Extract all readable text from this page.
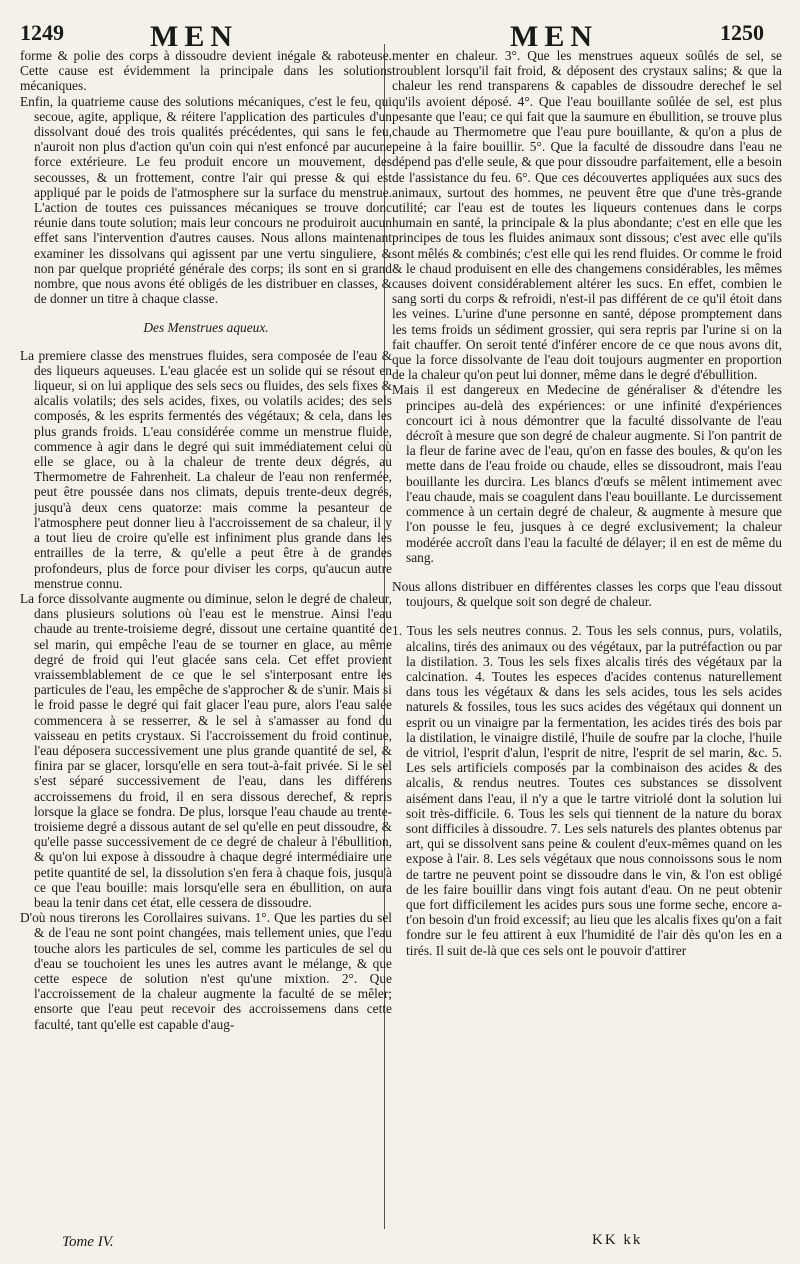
1249	MEN	MEN	1250

forme & polie des corps à dissoudre devient inégale & raboteuse. Cette cause est évidemment la principale dans les solutions mécaniques.

Enfin, la quatrieme cause des solutions mécaniques, c'est le feu, qui secoue, agite, applique, & réitere l'application des particules d'un dissolvant doué des trois qualités précédentes, qui sans le feu, n'auroit non plus d'action qu'un coin qui n'est enfoncé par aucune force extérieure. Le feu produit encore un mouvement, des secousses, & un frottement, contre l'air qui presse & qui est appliqué par le poids de l'atmosphere sur la surface du menstrue. L'action de toutes ces puissances mécaniques se trouve donc réunie dans toute solution; mais leur concours ne produiroit aucun effet sans l'intervention d'autres causes. Nous allons maintenant examiner les dissolvans qui agissent par une vertu singuliere, & non par quelque propriété générale des corps; ils sont en si grand nombre, que nous avons été obligés de les distribuer en classes, & de donner un titre à chaque classe.

Des Menstrues aqueux.

La premiere classe des menstrues fluides, sera composée de l'eau & des liqueurs aqueuses. L'eau glacée est un solide qui se résout en liqueur, si on lui applique des sels secs ou fluides, des sels fixes & alcalis volatils; des sels acides, fixes, ou volatils acides; des sels composés, & les esprits fermentés des végétaux; & cela, dans les plus grands froids. L'eau considérée comme un menstrue fluide, commence à agir dans le degré qui suit immédiatement celui où elle se glace, ou à la chaleur de trente deux dégrés, au Thermometre de Fahrenheit. La chaleur de l'eau non renfermée, peut être poussée dans nos climats, depuis trente-deux degrés, jusqu'à deux cens quatorze: mais comme la pesanteur de l'atmosphere peut donner lieu à l'accroissement de sa chaleur, il y a tout lieu de croire qu'elle est infiniment plus grande dans les entrailles de la terre, & qu'elle a peut être à de grandes profondeurs, plus de force pour diviser les corps, qu'aucun autre menstrue connu.

La force dissolvante augmente ou diminue, selon le degré de chaleur, dans plusieurs solutions où l'eau est le menstrue. Ainsi l'eau chaude au trente-troisieme degré, dissout une certaine quantité de sel marin, qui empêche l'eau de se tourner en glace, au même degré de froid qui l'eut glacée sans cela. Cet effet provient vraissemblablement de ce que le sel s'interposant entre les particules de l'eau, les empêche de s'approcher & de s'unir. Mais si le froid passe le degré qui fait glacer l'eau pure, alors l'eau salée commencera à se resserrer, & le sel à s'amasser au fond du vaisseau en petits crystaux. Si l'accroissement du froid continue, l'eau déposera successivement une plus grande quantité de sel, & finira par se glacer, lorsqu'elle en sera tout-à-fait privée. Si le sel s'est séparé successivement de l'eau, dans les différens accroissemens du froid, il en sera dissous derechef, & repris lorsque la glace se fondra. De plus, lorsque l'eau chaude au trente-troisieme degré a dissous autant de sel qu'elle en peut dissoudre, & qu'elle passe successivement de ce degré de chaleur à l'ébullition, & qu'on lui expose à dissoudre à chaque degré intermédiaire une petite quantité de sel, la dissolution s'en fera à chaque fois, jusqu'à ce que l'eau bouille: mais lorsqu'elle sera en ébullition, on aura beau la tenir dans cet état, elle cessera de dissoudre.

D'où nous tirerons les Corollaires suivans. 1°. Que les parties du sel & de l'eau ne sont point changées, mais tellement unies, que l'eau touche alors les particules de sel, comme les particules de sel ou d'eau se touchoient les unes les autres avant le mélange, & que cette espece de solution n'est qu'une mixtion. 2°. Que l'accroissement de la chaleur augmente la faculté de se mêler; ensorte que l'eau peut recevoir des accroissemens dans cette faculté, tant qu'elle est capable d'aug-

menter en chaleur. 3°. Que les menstrues aqueux soûlés de sel, se troublent lorsqu'il fait froid, & déposent des crystaux salins; & que la chaleur les rend transparens & capables de dissoudre derechef le sel qu'ils avoient déposé. 4°. Que l'eau bouillante soûlée de sel, est plus pesante que l'eau; ce qui fait que la saumure en ébullition, se trouve plus chaude au Thermometre que l'eau pure bouillante, & qu'on a plus de peine à la faire bouillir. 5°. Que la faculté de dissoudre dans l'eau ne dépend pas d'elle seule, & que pour dissoudre parfaitement, elle a besoin de l'assistance du feu. 6°. Que ces découvertes appliquées aux sucs des animaux, surtout des hommes, ne peuvent être que d'une très-grande utilité; car l'eau est de toutes les liqueurs contenues dans le corps humain en santé, la principale & la plus abondante; c'est en elle que les principes de tous les fluides animaux sont dissous; c'est avec elle qu'ils sont mêlés & combinés; c'est elle qui les rend fluides. Or comme le froid & le chaud produisent en elle des changemens considérables, les mêmes causes doivent considérablement altérer les sucs. En effet, combien le sang sorti du corps & refroidi, n'est-il pas différent de ce qu'il étoit dans les veines. L'urine d'une personne en santé, dépose promptement dans les tems froids un sédiment grossier, qui sera repris par l'urine si on la fait chauffer. On seroit tenté d'inférer encore de ce que nous avons dit, que la force dissolvante de l'eau doit toujours augmenter en proportion de la chaleur qu'on peut lui donner, même dans le degré d'ébullition.

Mais il est dangereux en Medecine de généraliser & d'étendre les principes au-delà des expériences: or une infinité d'expériences concourt ici à nous démontrer que la faculté dissolvante de l'eau décroît à mesure que son degré de chaleur augmente. Si l'on pantrit de la fleur de farine avec de l'eau, qu'on en fasse des boules, & qu'on les mette dans de l'eau froide ou chaude, elles se dissoudront, mais l'eau bouillante les durcira. Les blancs d'œufs se mêlent intimement avec l'eau chaude, mais se coagulent dans l'eau bouillante. Le durcissement commence à un certain degré de chaleur, & augmente à mesure que l'on pousse le feu, jusques à ce degré exclusivement; la chaleur modérée accroît dans l'eau la faculté de délayer; il en est de même du sang.

Nous allons distribuer en différentes classes les corps que l'eau dissout toujours, & quelque soit son degré de chaleur.

1. Tous les sels neutres connus. 2. Tous les sels connus, purs, volatils, alcalins, tirés des animaux ou des végétaux, par la putréfaction ou par la distilation. 3. Tous les sels fixes alcalis tirés des végétaux par la calcination. 4. Toutes les especes d'acides contenus naturellement dans tous les végétaux & dans les sels acides, tous les sels acides naturels & fossiles, tous les sucs acides des végétaux qui donnent un esprit ou un vinaigre par la fermentation, les acides tirés des bois par la distilation, le vinaigre distilé, l'huile de soufre par la cloche, l'huile de vitriol, l'esprit d'alun, l'esprit de nitre, l'esprit de sel marin, &c. 5. Les sels artificiels composés par la combinaison des acides & des alcalis, & rendus neutres. Toutes ces substances se dissolvent aisément dans l'eau, il n'y a que le tartre vitriolé dont la solution lui soit très-difficile. 6. Tous les sels qui tiennent de la nature du borax sont difficiles à dissoudre. 7. Les sels naturels des plantes obtenus par art, qui se dissolvent sans peine & coulent d'eux-mêmes quand on les expose à l'air. 8. Les sels végétaux que nous connoissons sous le nom de tartre ne peuvent point se dissoudre dans le vin, & l'on est obligé de les faire bouillir dans vingt fois autant d'eau. On ne peut obtenir que fort difficilement les acides purs sous une forme seche, encore a-t'on besoin d'un froid excessif; au lieu que les alcalis fixes qu'on a fait fondre sur le feu attirent à eux l'humidité de l'air dès qu'on les en a tirés. Il suit de-là que ces sels ont le pouvoir d'attirer

Tome IV.	KK kk
